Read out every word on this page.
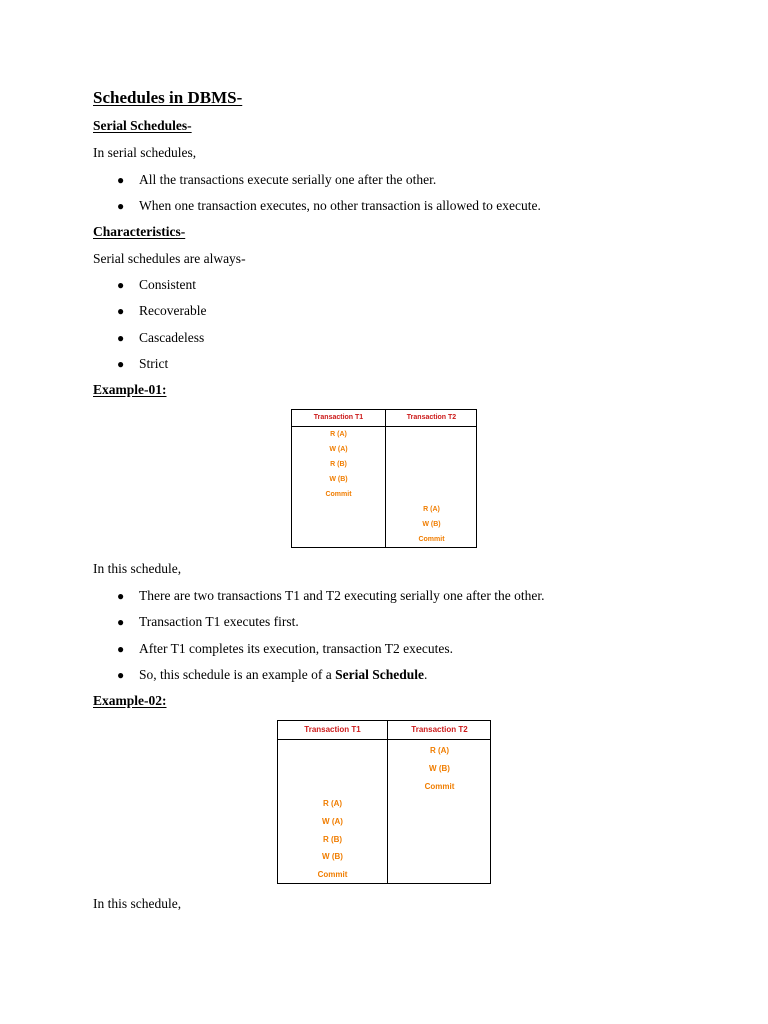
Schedules in DBMS-
Serial Schedules-
In serial schedules,
● All the transactions execute serially one after the other.
● When one transaction executes, no other transaction is allowed to execute.
Characteristics-
Serial schedules are always-
● Consistent
● Recoverable
● Cascadeless
● Strict
Example-01:
Transaction T1	Transaction T2
R (A)
W (A)
R (B)
W (B)
Commit
R (A)
W (B)
Commit
In this schedule,
● There are two transactions T1 and T2 executing serially one after the other.
● Transaction T1 executes first.
● After T1 completes its execution, transaction T2 executes.
● So, this schedule is an example of a Serial Schedule.
Example-02:
Transaction T1	Transaction T2
R (A)
W (B)
Commit
R (A)
W (A)
R (B)
W (B)
Commit
In this schedule,
